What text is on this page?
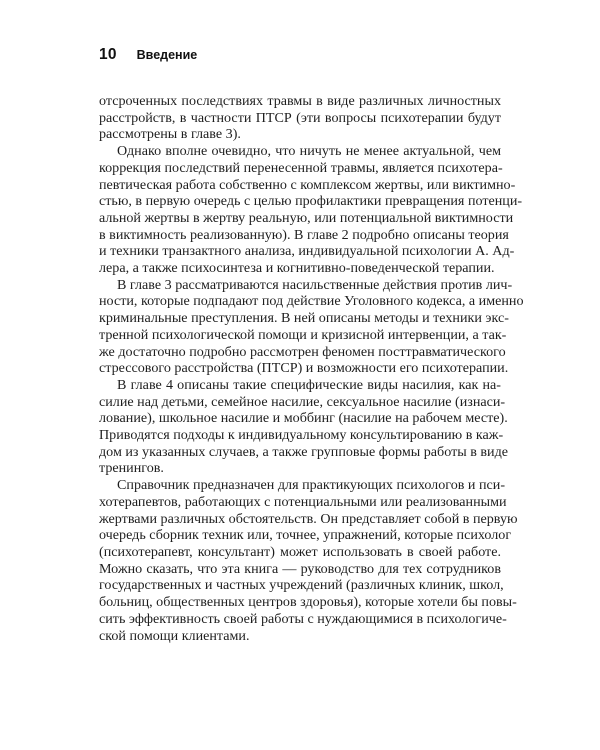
10 Введение
отсроченных последствиях травмы в виде различных личностных
расстройств, в частности ПТСР (эти вопросы психотерапии будут
рассмотрены в главе 3).
Однако вполне очевидно, что ничуть не менее актуальной, чем
коррекция последствий перенесенной травмы, является психотера-
певтическая работа собственно с комплексом жертвы, или виктимно-
стью, в первую очередь с целью профилактики превращения потенци-
альной жертвы в жертву реальную, или потенциальной виктимности
в виктимность реализованную). В главе 2 подробно описаны теория
и техники транзактного анализа, индивидуальной психологии А. Ад-
лера, а также психосинтеза и когнитивно-поведенческой терапии.
В главе 3 рассматриваются насильственные действия против лич-
ности, которые подпадают под действие Уголовного кодекса, а именно
криминальные преступления. В ней описаны методы и техники экс-
тренной психологической помощи и кризисной интервенции, а так-
же достаточно подробно рассмотрен феномен посттравматического
стрессового расстройства (ПТСР) и возможности его психотерапии.
В главе 4 описаны такие специфические виды насилия, как на-
силие над детьми, семейное насилие, сексуальное насилие (изнаси-
лование), школьное насилие и моббинг (насилие на рабочем месте).
Приводятся подходы к индивидуальному консультированию в каж-
дом из указанных случаев, а также групповые формы работы в виде
тренингов.
Справочник предназначен для практикующих психологов и пси-
хотерапевтов, работающих с потенциальными или реализованными
жертвами различных обстоятельств. Он представляет собой в первую
очередь сборник техник или, точнее, упражнений, которые психолог
(психотерапевт, консультант) может использовать в своей работе.
Можно сказать, что эта книга — руководство для тех сотрудников
государственных и частных учреждений (различных клиник, школ,
больниц, общественных центров здоровья), которые хотели бы повы-
сить эффективность своей работы с нуждающимися в психологиче-
ской помощи клиентами.
